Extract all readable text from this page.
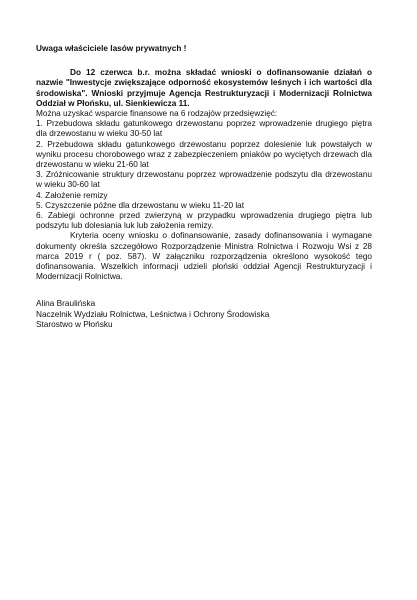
Uwaga właściciele lasów prywatnych !

Do 12 czerwca b.r. można składać wnioski o dofinansowanie działań o nazwie "Inwestycje zwiększające odporność ekosystemów leśnych i ich wartości dla środowiska". Wnioski przyjmuje Agencja Restrukturyzacji i Modernizacji Rolnictwa Oddział w Płońsku, ul. Sienkiewicza 11.

Można uzyskać wsparcie finansowe na 6 rodzajów przedsięwzięć:

1. Przebudowa składu gatunkowego drzewostanu poprzez wprowadzenie drugiego piętra dla drzewostanu w wieku 30-50 lat
2. Przebudowa składu gatunkowego drzewostanu poprzez dolesienie luk powstałych w wyniku procesu chorobowego wraz z zabezpieczeniem pniaków po wyciętych drzewach dla drzewostanu w wieku 21-60 lat
3. Zróżnicowanie struktury drzewostanu poprzez wprowadzenie podszytu dla drzewostanu w wieku 30-60 lat
4. Założenie remizy
5. Czyszczenie późne dla drzewostanu w wieku 11-20 lat
6. Zabiegi ochronne przed zwierzyną w przypadku wprowadzenia drugiego piętra lub podszytu lub dolesiania luk lub założenia remizy.

Kryteria oceny wniosku o dofinansowanie, zasady dofinansowania i wymagane dokumenty określa szczegółowo Rozporządzenie Ministra Rolnictwa i Rozwoju Wsi z 28 marca 2019 r ( poz. 587). W załączniku rozporządzenia określono wysokość tego dofinansowania. Wszelkich informacji udzieli płoński oddział Agencji Restrukturyzacji i Modernizacji Rolnictwa.

Alina Braulińska
Naczelnik Wydziału Rolnictwa, Leśnictwa i Ochrony Środowiska
Starostwo w Płońsku
